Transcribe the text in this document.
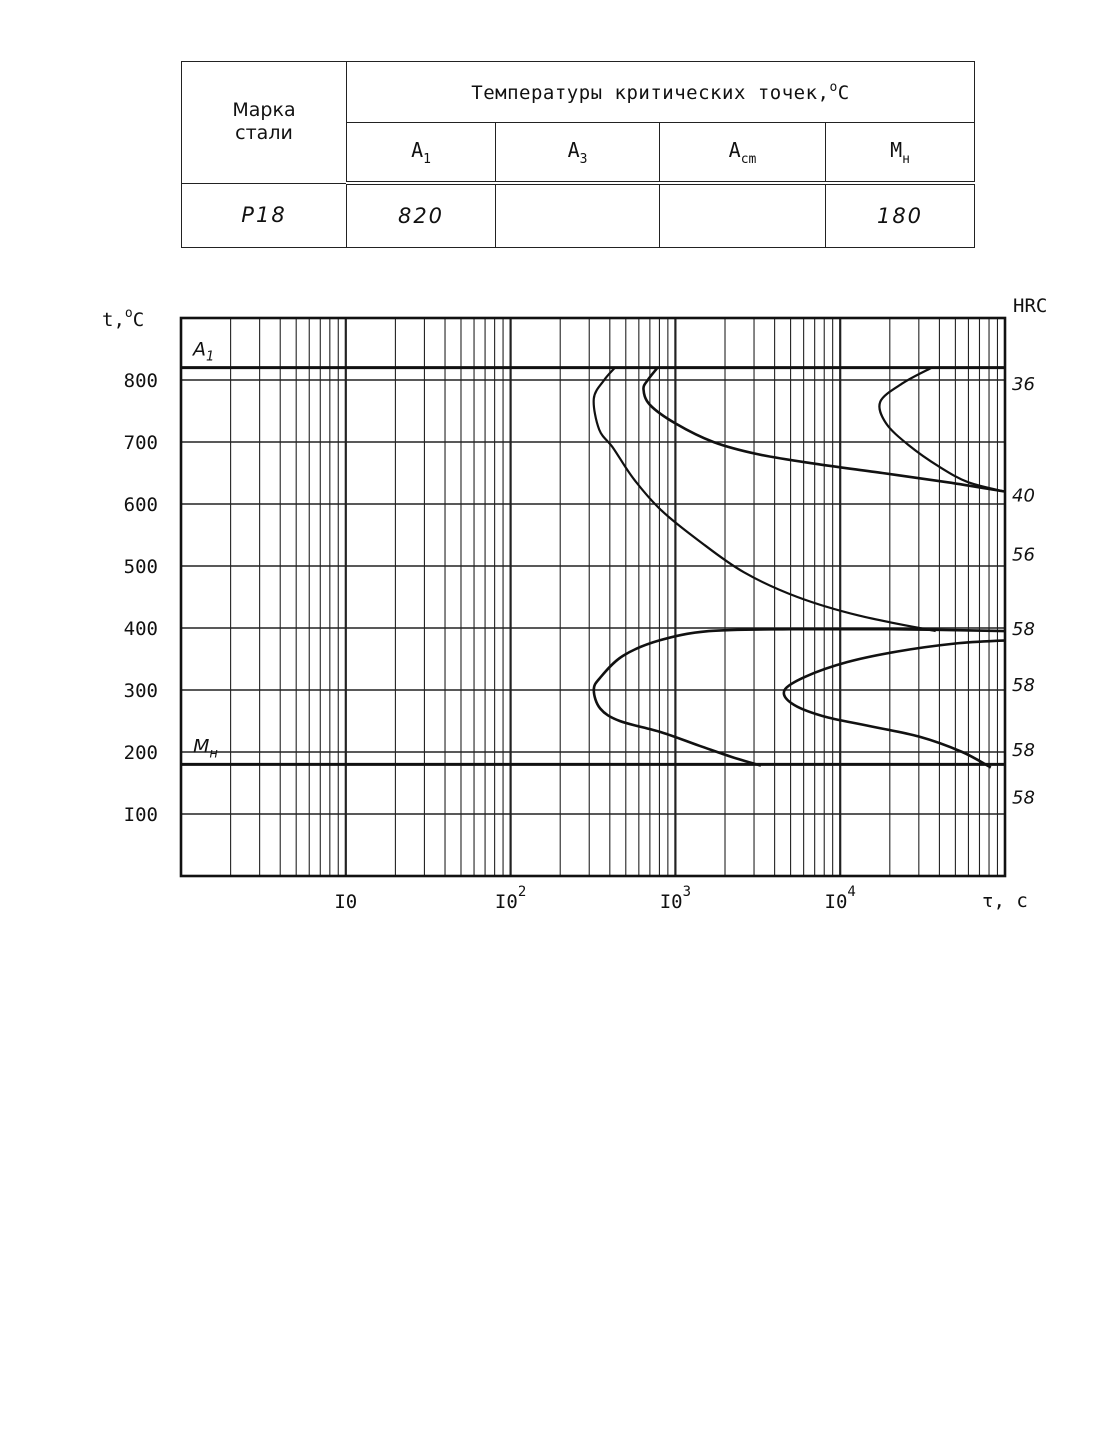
Марка
стали	Температуры критических точек,$^o$C			
	$A_1$	$A_3$	$A_{cm}$	$M_н$
Р18	820			180
$A_1$
$M_н$
800
700
600
500
400
300
200
I00
I0	$I0^2$	$I0^3$	$I0^4$
36
40
56
58
58
58
58
t,$^o$C
HRC
τ, с
